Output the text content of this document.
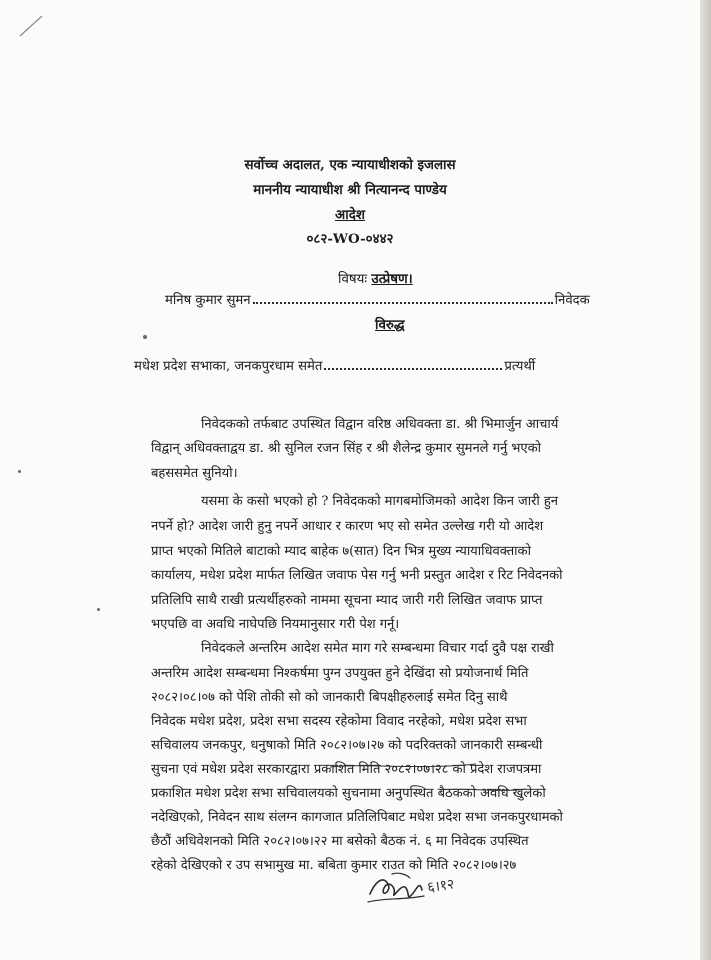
सर्वोच्च अदालत, एक न्यायाधीशको इजलास
माननीय न्यायाधीश श्री नित्यानन्द पाण्डेय
आदेश
०८२-WO-०४४२
विषयः उत्प्रेषण।
मनिष कुमार सुमन	निवेदक
विरुद्ध
मधेश प्रदेश सभाका, जनकपुरधाम समेत	प्रत्यर्थी
निवेदकको तर्फबाट उपस्थित विद्वान वरिष्ठ अधिवक्ता डा. श्री भिमार्जुन आचार्य
विद्वान् अधिवक्ताद्वय डा. श्री सुनिल रजन सिंह र श्री शैलेन्द्र कुमार सुमनले गर्नु भएको
बहससमेत सुनियो।
यसमा के कसो भएको हो ? निवेदकको मागबमोजिमको आदेश किन जारी हुन
नपर्ने हो? आदेश जारी हुनु नपर्ने आधार र कारण भए सो समेत उल्लेख गरी यो आदेश
प्राप्त भएको मितिले बाटाको म्याद बाहेक ७(सात) दिन भित्र मुख्य न्यायाधिवक्ताको
कार्यालय, मधेश प्रदेश मार्फत लिखित जवाफ पेस गर्नु भनी प्रस्तुत आदेश र रिट निवेदनको
प्रतिलिपि साथै राखी प्रत्यर्थीहरुको नाममा सूचना म्याद जारी गरी लिखित जवाफ प्राप्त
भएपछि वा अवधि नाघेपछि नियमानुसार गरी पेश गर्नू।
निवेदकले अन्तरिम आदेश समेत माग गरे सम्बन्धमा विचार गर्दा दुवै पक्ष राखी
अन्तरिम आदेश सम्बन्धमा निश्कर्षमा पुग्न उपयुक्त हुने देखिंदा सो प्रयोजनार्थ मिति
२०८२।०८।०७ को पेशि तोकी सो को जानकारी बिपक्षीहरुलाई समेत दिनु साथै
निवेदक मधेश प्रदेश, प्रदेश सभा सदस्य रहेकोमा विवाद नरहेको, मधेश प्रदेश सभा
सचिवालय जनकपुर, धनुषाको मिति २०८२।०७।२७ को पदरिक्तको जानकारी सम्बन्धी
सुचना एवं मधेश प्रदेश सरकारद्वारा प्रकाशित मिति २०८२।०७।२८ को प्रदेश राजपत्रमा
प्रकाशित मधेश प्रदेश सभा सचिवालयको सुचनामा अनुपस्थित बैठकको अवधि खुलेको
नदेखिएको, निवेदन साथ संलग्न कागजात प्रतिलिपिबाट मधेश प्रदेश सभा जनकपुरधामको
छैठौं अधिवेशनको मिति २०८२।०७।२२ मा बसेको बैठक नं. ६ मा निवेदक उपस्थित
रहेको देखिएको र उप सभामुख मा. बबिता कुमार राउत को मिति २०८२।०७।२७
६।१२
